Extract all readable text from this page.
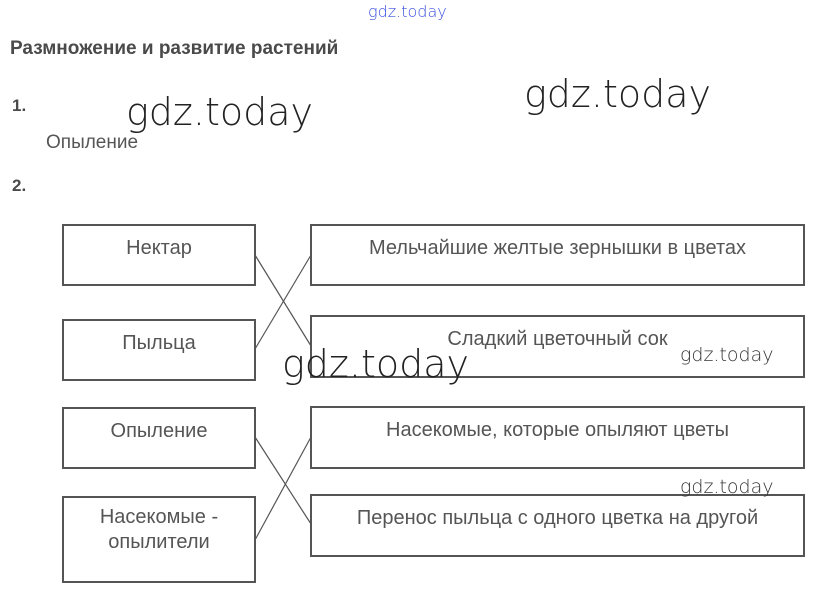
gdz.today
Размножение и развитие растений
1.
Опыление
2.
Нектар
Пыльца
Опыление
Насекомые - опылители
Мельчайшие желтые зернышки в цветах
Сладкий цветочный сок
Насекомые, которые опыляют цветы
Перенос пыльца с одного цветка на другой
gdz.today	gdz.today
gdz.today	gdz.today
gdz.today
